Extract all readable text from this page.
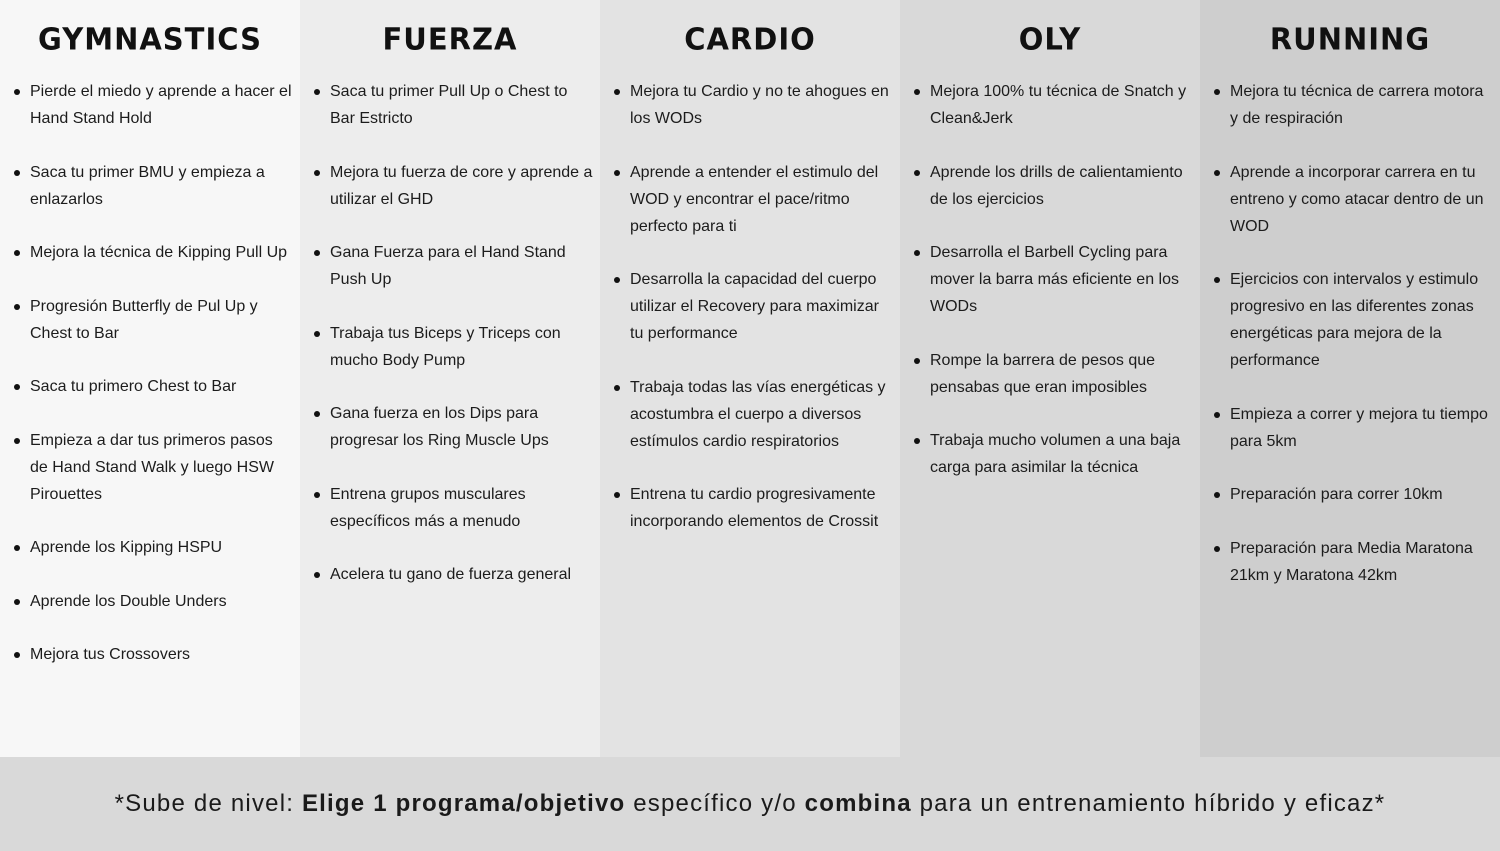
GYMNASTICS
Pierde el miedo y aprende a hacer el Hand Stand Hold
Saca tu primer BMU y empieza a enlazarlos
Mejora la técnica de Kipping Pull Up
Progresión Butterfly de Pul Up y Chest to Bar
Saca tu primero Chest to Bar
Empieza a dar tus primeros pasos de Hand Stand Walk y luego HSW Pirouettes
Aprende los Kipping HSPU
Aprende los Double Unders
Mejora tus Crossovers
FUERZA
Saca tu primer Pull Up o Chest to Bar Estricto
Mejora tu fuerza de core y aprende a utilizar el GHD
Gana Fuerza para el Hand Stand Push Up
Trabaja tus Biceps y Triceps con mucho Body Pump
Gana fuerza en los Dips para progresar los Ring Muscle Ups
Entrena grupos musculares específicos más a menudo
Acelera tu gano de fuerza general
CARDIO
Mejora tu Cardio y no te ahogues en los WODs
Aprende a entender el estimulo del WOD y encontrar el pace/ritmo perfecto para ti
Desarrolla la capacidad del cuerpo utilizar el Recovery para maximizar tu performance
Trabaja todas las vías energéticas y acostumbra el cuerpo a diversos estímulos cardio respiratorios
Entrena tu cardio progresivamente incorporando elementos de Crossit
OLY
Mejora 100% tu técnica de Snatch y Clean&Jerk
Aprende los drills de calientamiento de los ejercicios
Desarrolla el Barbell Cycling para mover la barra más eficiente en los WODs
Rompe la barrera de pesos que pensabas que eran imposibles
Trabaja mucho volumen a una baja carga para asimilar la técnica
RUNNING
Mejora tu técnica de carrera motora y de respiración
Aprende a incorporar carrera en tu entreno y como atacar dentro de un WOD
Ejercicios con intervalos y estimulo progresivo en las diferentes zonas energéticas para mejora de la performance
Empieza a correr y mejora tu tiempo para 5km
Preparación para correr 10km
Preparación para Media Maratona 21km y Maratona 42km
*Sube de nivel: Elige 1 programa/objetivo específico y/o combina para un entrenamiento híbrido y eficaz*
